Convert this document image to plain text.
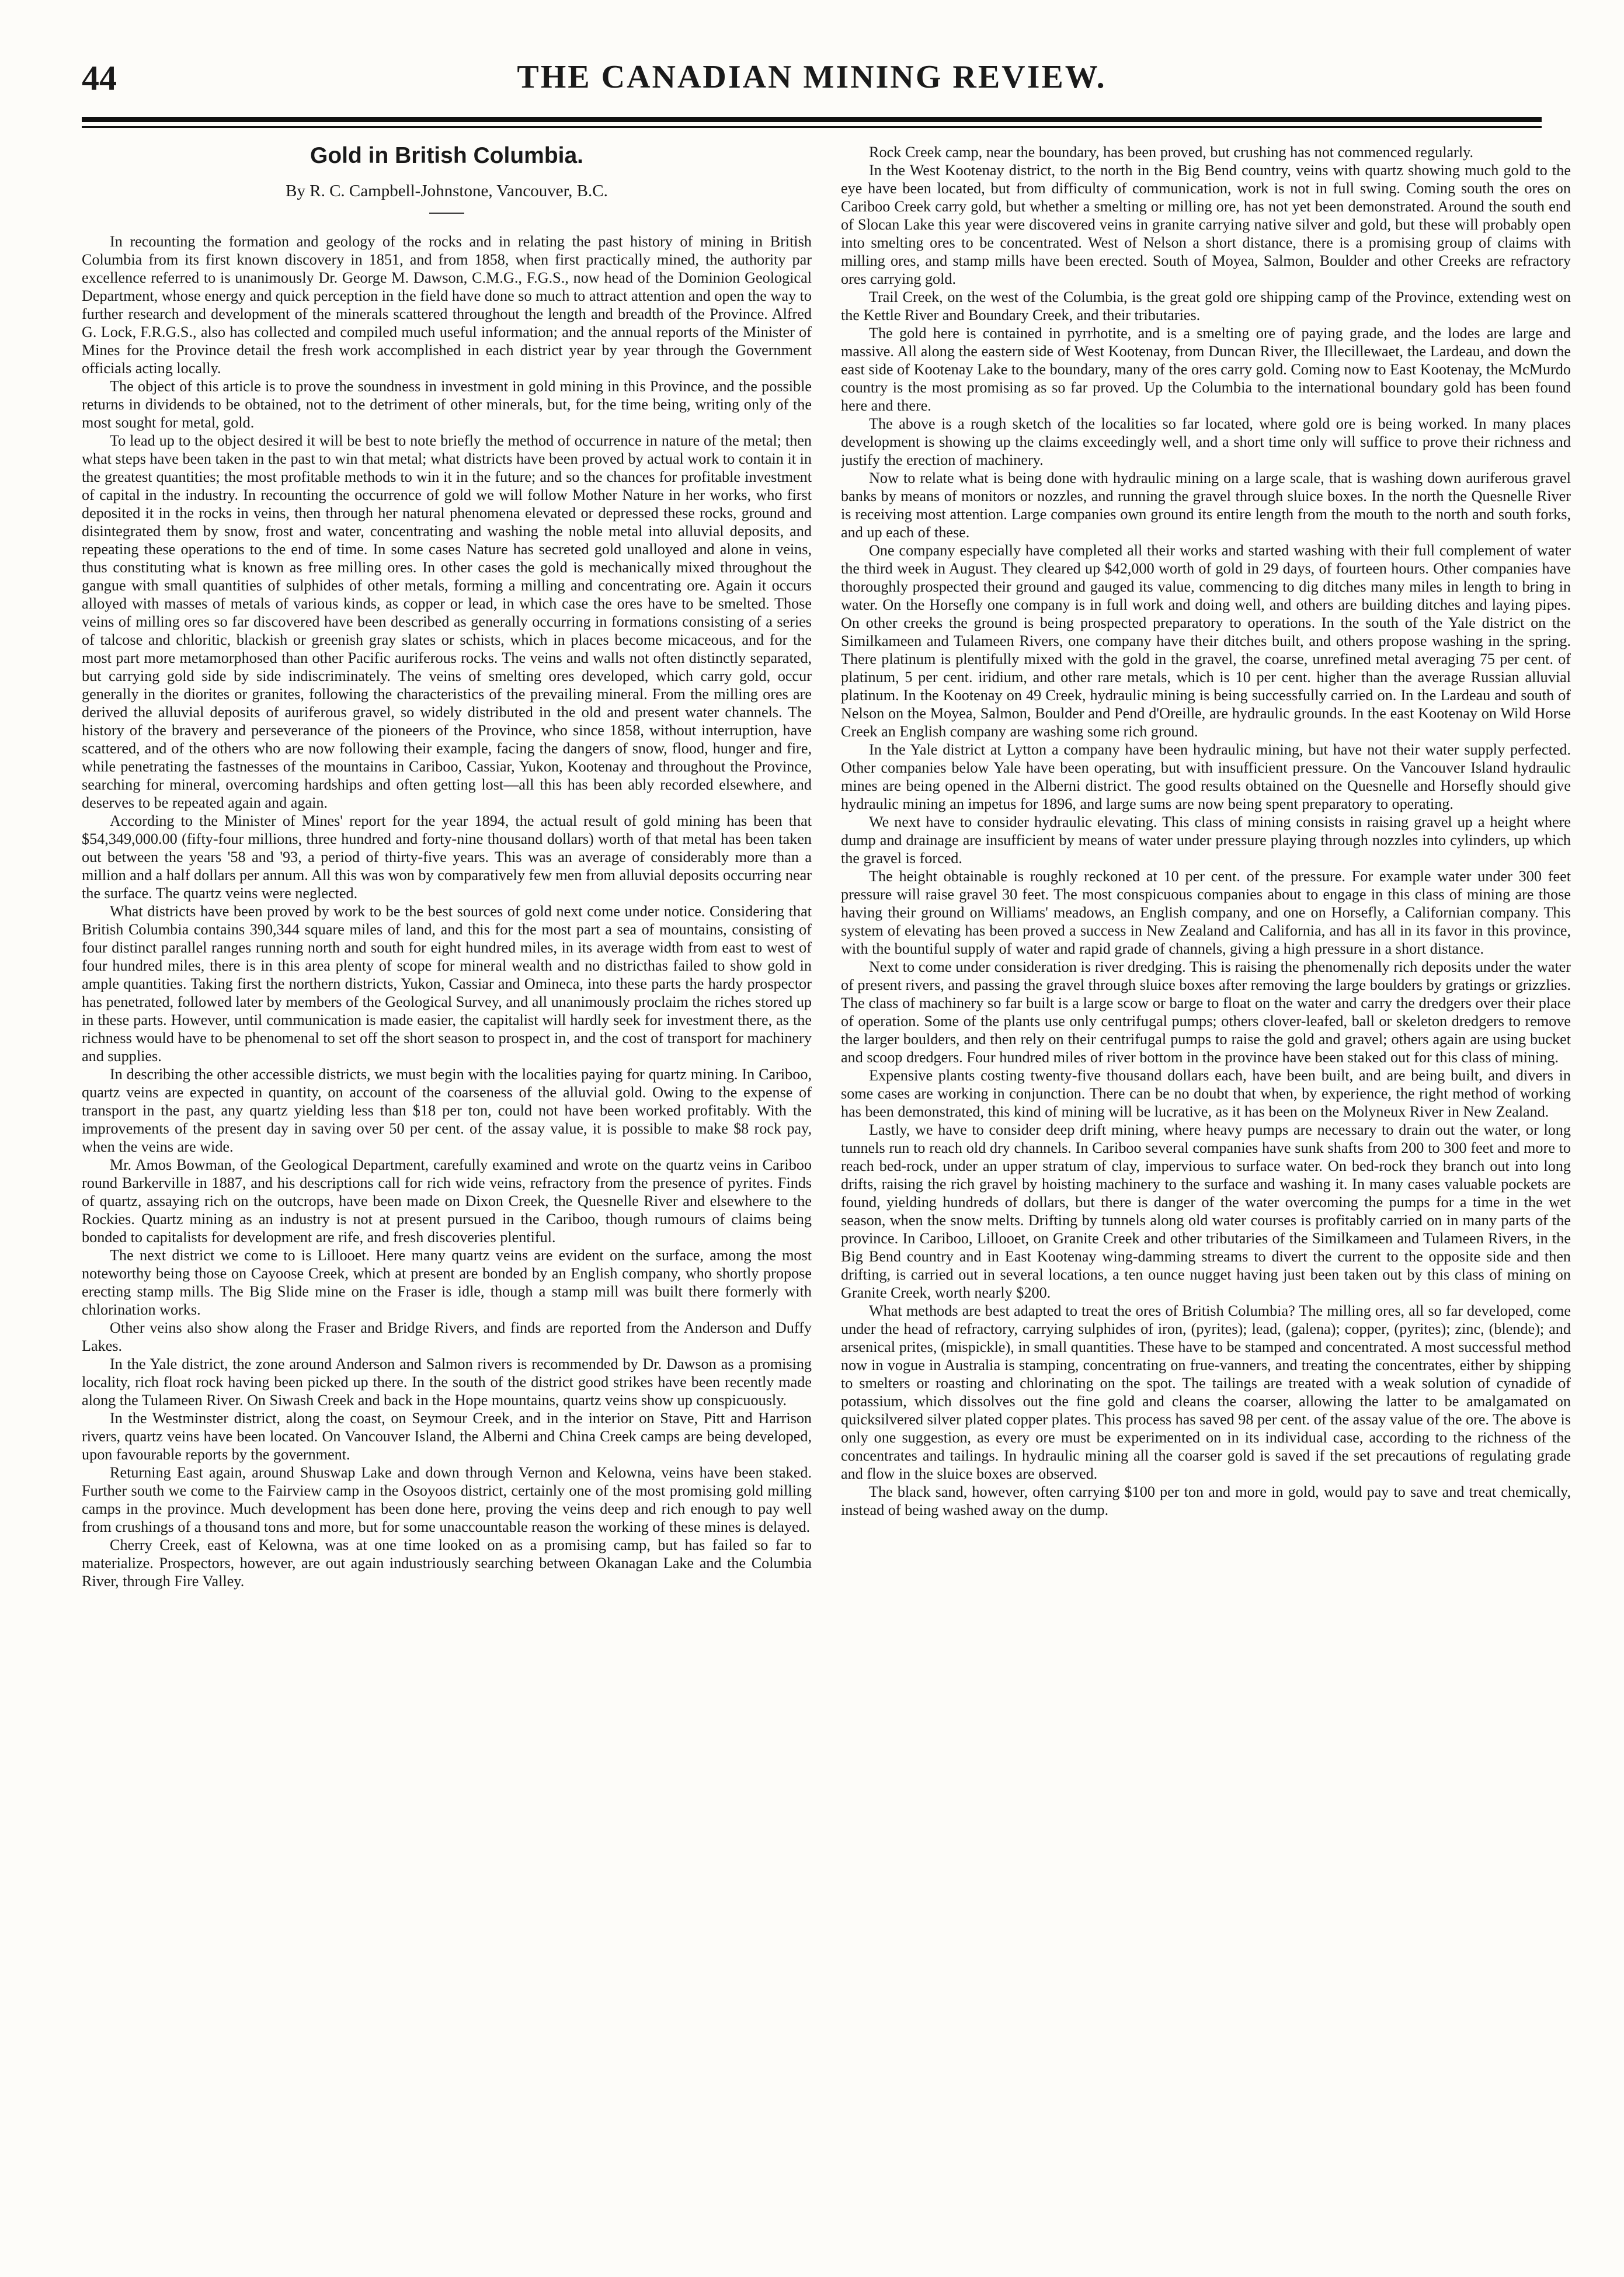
44	THE CANADIAN MINING REVIEW.
Gold in British Columbia.

By R. C. Campbell-Johnstone, Vancouver, B.C.

In recounting the formation and geology of the rocks and in relating the past history of mining in British Columbia from its first known discovery in 1851, and from 1858, when first practically mined, the authority par excellence referred to is unanimously Dr. George M. Dawson, C.M.G., F.G.S., now head of the Dominion Geological Department, whose energy and quick perception in the field have done so much to attract attention and open the way to further research and development of the minerals scattered throughout the length and breadth of the Province. Alfred G. Lock, F.R.G.S., also has collected and compiled much useful information; and the annual reports of the Minister of Mines for the Province detail the fresh work accomplished in each district year by year through the Government officials acting locally.

The object of this article is to prove the soundness in investment in gold mining in this Province, and the possible returns in dividends to be obtained, not to the detriment of other minerals, but, for the time being, writing only of the most sought for metal, gold.

To lead up to the object desired it will be best to note briefly the method of occurrence in nature of the metal; then what steps have been taken in the past to win that metal; what districts have been proved by actual work to contain it in the greatest quantities; the most profitable methods to win it in the future; and so the chances for profitable investment of capital in the industry. In recounting the occurrence of gold we will follow Mother Nature in her works, who first deposited it in the rocks in veins, then through her natural phenomena elevated or depressed these rocks, ground and disintegrated them by snow, frost and water, concentrating and washing the noble metal into alluvial deposits, and repeating these operations to the end of time. In some cases Nature has secreted gold unalloyed and alone in veins, thus constituting what is known as free milling ores. In other cases the gold is mechanically mixed throughout the gangue with small quantities of sulphides of other metals, forming a milling and concentrating ore. Again it occurs alloyed with masses of metals of various kinds, as copper or lead, in which case the ores have to be smelted. Those veins of milling ores so far discovered have been described as generally occurring in formations consisting of a series of talcose and chloritic, blackish or greenish gray slates or schists, which in places become micaceous, and for the most part more metamorphosed than other Pacific auriferous rocks. The veins and walls not often distinctly separated, but carrying gold side by side indiscriminately. The veins of smelting ores developed, which carry gold, occur generally in the diorites or granites, following the characteristics of the prevailing mineral. From the milling ores are derived the alluvial deposits of auriferous gravel, so widely distributed in the old and present water channels. The history of the bravery and perseverance of the pioneers of the Province, who since 1858, without interruption, have scattered, and of the others who are now following their example, facing the dangers of snow, flood, hunger and fire, while penetrating the fastnesses of the mountains in Cariboo, Cassiar, Yukon, Kootenay and throughout the Province, searching for mineral, overcoming hardships and often getting lost—all this has been ably recorded elsewhere, and deserves to be repeated again and again.

According to the Minister of Mines' report for the year 1894, the actual result of gold mining has been that $54,349,000.00 (fifty-four millions, three hundred and forty-nine thousand dollars) worth of that metal has been taken out between the years '58 and '93, a period of thirty-five years. This was an average of considerably more than a million and a half dollars per annum. All this was won by comparatively few men from alluvial deposits occurring near the surface. The quartz veins were neglected.

What districts have been proved by work to be the best sources of gold next come under notice. Considering that British Columbia contains 390,344 square miles of land, and this for the most part a sea of mountains, consisting of four distinct parallel ranges running north and south for eight hundred miles, in its average width from east to west of four hundred miles, there is in this area plenty of scope for mineral wealth and no districthas failed to show gold in ample quantities. Taking first the northern districts, Yukon, Cassiar and Omineca, into these parts the hardy prospector has penetrated, followed later by members of the Geological Survey, and all unanimously proclaim the riches stored up in these parts. However, until communication is made easier, the capitalist will hardly seek for investment there, as the richness would have to be phenomenal to set off the short season to prospect in, and the cost of transport for machinery and supplies.

In describing the other accessible districts, we must begin with the localities paying for quartz mining. In Cariboo, quartz veins are expected in quantity, on account of the coarseness of the alluvial gold. Owing to the expense of transport in the past, any quartz yielding less than $18 per ton, could not have been worked profitably. With the improvements of the present day in saving over 50 per cent. of the assay value, it is possible to make $8 rock pay, when the veins are wide.

Mr. Amos Bowman, of the Geological Department, carefully examined and wrote on the quartz veins in Cariboo round Barkerville in 1887, and his descriptions call for rich wide veins, refractory from the presence of pyrites. Finds of quartz, assaying rich on the outcrops, have been made on Dixon Creek, the Quesnelle River and elsewhere to the Rockies. Quartz mining as an industry is not at present pursued in the Cariboo, though rumours of claims being bonded to capitalists for development are rife, and fresh discoveries plentiful.

The next district we come to is Lillooet. Here many quartz veins are evident on the surface, among the most noteworthy being those on Cayoose Creek, which at present are bonded by an English company, who shortly propose erecting stamp mills. The Big Slide mine on the Fraser is idle, though a stamp mill was built there formerly with chlorination works.

Other veins also show along the Fraser and Bridge Rivers, and finds are reported from the Anderson and Duffy Lakes.

In the Yale district, the zone around Anderson and Salmon rivers is recommended by Dr. Dawson as a promising locality, rich float rock having been picked up there. In the south of the district good strikes have been recently made along the Tulameen River. On Siwash Creek and back in the Hope mountains, quartz veins show up conspicuously.

In the Westminster district, along the coast, on Seymour Creek, and in the interior on Stave, Pitt and Harrison rivers, quartz veins have been located. On Vancouver Island, the Alberni and China Creek camps are being developed, upon favourable reports by the government.

Returning East again, around Shuswap Lake and down through Vernon and Kelowna, veins have been staked. Further south we come to the Fairview camp in the Osoyoos district, certainly one of the most promising gold milling camps in the province. Much development has been done here, proving the veins deep and rich enough to pay well from crushings of a thousand tons and more, but for some unaccountable reason the working of these mines is delayed.

Cherry Creek, east of Kelowna, was at one time looked on as a promising camp, but has failed so far to materialize. Prospectors, however, are out again industriously searching between Okanagan Lake and the Columbia River, through Fire Valley.

Rock Creek camp, near the boundary, has been proved, but crushing has not commenced regularly.

In the West Kootenay district, to the north in the Big Bend country, veins with quartz showing much gold to the eye have been located, but from difficulty of communication, work is not in full swing. Coming south the ores on Cariboo Creek carry gold, but whether a smelting or milling ore, has not yet been demonstrated. Around the south end of Slocan Lake this year were discovered veins in granite carrying native silver and gold, but these will probably open into smelting ores to be concentrated. West of Nelson a short distance, there is a promising group of claims with milling ores, and stamp mills have been erected. South of Moyea, Salmon, Boulder and other Creeks are refractory ores carrying gold.

Trail Creek, on the west of the Columbia, is the great gold ore shipping camp of the Province, extending west on the Kettle River and Boundary Creek, and their tributaries.

The gold here is contained in pyrrhotite, and is a smelting ore of paying grade, and the lodes are large and massive. All along the eastern side of West Kootenay, from Duncan River, the Illecillewaet, the Lardeau, and down the east side of Kootenay Lake to the boundary, many of the ores carry gold. Coming now to East Kootenay, the McMurdo country is the most promising as so far proved. Up the Columbia to the international boundary gold has been found here and there.

The above is a rough sketch of the localities so far located, where gold ore is being worked. In many places development is showing up the claims exceedingly well, and a short time only will suffice to prove their richness and justify the erection of machinery.

Now to relate what is being done with hydraulic mining on a large scale, that is washing down auriferous gravel banks by means of monitors or nozzles, and running the gravel through sluice boxes. In the north the Quesnelle River is receiving most attention. Large companies own ground its entire length from the mouth to the north and south forks, and up each of these.

One company especially have completed all their works and started washing with their full complement of water the third week in August. They cleared up $42,000 worth of gold in 29 days, of fourteen hours. Other companies have thoroughly prospected their ground and gauged its value, commencing to dig ditches many miles in length to bring in water. On the Horsefly one company is in full work and doing well, and others are building ditches and laying pipes. On other creeks the ground is being prospected preparatory to operations. In the south of the Yale district on the Similkameen and Tulameen Rivers, one company have their ditches built, and others propose washing in the spring. There platinum is plentifully mixed with the gold in the gravel, the coarse, unrefined metal averaging 75 per cent. of platinum, 5 per cent. iridium, and other rare metals, which is 10 per cent. higher than the average Russian alluvial platinum. In the Kootenay on 49 Creek, hydraulic mining is being successfully carried on. In the Lardeau and south of Nelson on the Moyea, Salmon, Boulder and Pend d'Oreille, are hydraulic grounds. In the east Kootenay on Wild Horse Creek an English company are washing some rich ground.

In the Yale district at Lytton a company have been hydraulic mining, but have not their water supply perfected. Other companies below Yale have been operating, but with insufficient pressure. On the Vancouver Island hydraulic mines are being opened in the Alberni district. The good results obtained on the Quesnelle and Horsefly should give hydraulic mining an impetus for 1896, and large sums are now being spent preparatory to operating.

We next have to consider hydraulic elevating. This class of mining consists in raising gravel up a height where dump and drainage are insufficient by means of water under pressure playing through nozzles into cylinders, up which the gravel is forced.

The height obtainable is roughly reckoned at 10 per cent. of the pressure. For example water under 300 feet pressure will raise gravel 30 feet. The most conspicuous companies about to engage in this class of mining are those having their ground on Williams' meadows, an English company, and one on Horsefly, a Californian company. This system of elevating has been proved a success in New Zealand and California, and has all in its favor in this province, with the bountiful supply of water and rapid grade of channels, giving a high pressure in a short distance.

Next to come under consideration is river dredging. This is raising the phenomenally rich deposits under the water of present rivers, and passing the gravel through sluice boxes after removing the large boulders by gratings or grizzlies. The class of machinery so far built is a large scow or barge to float on the water and carry the dredgers over their place of operation. Some of the plants use only centrifugal pumps; others clover-leafed, ball or skeleton dredgers to remove the larger boulders, and then rely on their centrifugal pumps to raise the gold and gravel; others again are using bucket and scoop dredgers. Four hundred miles of river bottom in the province have been staked out for this class of mining.

Expensive plants costing twenty-five thousand dollars each, have been built, and are being built, and divers in some cases are working in conjunction. There can be no doubt that when, by experience, the right method of working has been demonstrated, this kind of mining will be lucrative, as it has been on the Molyneux River in New Zealand.

Lastly, we have to consider deep drift mining, where heavy pumps are necessary to drain out the water, or long tunnels run to reach old dry channels. In Cariboo several companies have sunk shafts from 200 to 300 feet and more to reach bed-rock, under an upper stratum of clay, impervious to surface water. On bed-rock they branch out into long drifts, raising the rich gravel by hoisting machinery to the surface and washing it. In many cases valuable pockets are found, yielding hundreds of dollars, but there is danger of the water overcoming the pumps for a time in the wet season, when the snow melts. Drifting by tunnels along old water courses is profitably carried on in many parts of the province. In Cariboo, Lillooet, on Granite Creek and other tributaries of the Similkameen and Tulameen Rivers, in the Big Bend country and in East Kootenay wing-damming streams to divert the current to the opposite side and then drifting, is carried out in several locations, a ten ounce nugget having just been taken out by this class of mining on Granite Creek, worth nearly $200.

What methods are best adapted to treat the ores of British Columbia? The milling ores, all so far developed, come under the head of refractory, carrying sulphides of iron, (pyrites); lead, (galena); copper, (pyrites); zinc, (blende); and arsenical prites, (mispickle), in small quantities. These have to be stamped and concentrated. A most successful method now in vogue in Australia is stamping, concentrating on frue-vanners, and treating the concentrates, either by shipping to smelters or roasting and chlorinating on the spot. The tailings are treated with a weak solution of cynadide of potassium, which dissolves out the fine gold and cleans the coarser, allowing the latter to be amalgamated on quicksilvered silver plated copper plates. This process has saved 98 per cent. of the assay value of the ore. The above is only one suggestion, as every ore must be experimented on in its individual case, according to the richness of the concentrates and tailings. In hydraulic mining all the coarser gold is saved if the set precautions of regulating grade and flow in the sluice boxes are observed.

The black sand, however, often carrying $100 per ton and more in gold, would pay to save and treat chemically, instead of being washed away on the dump.
